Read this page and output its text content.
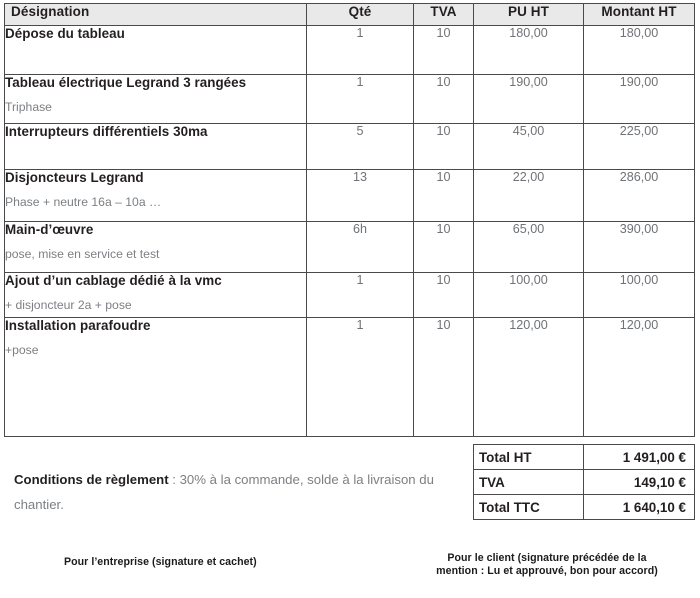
Désignation	Qté	TVA	PU HT	Montant HT

Dépose du tableau	1	10	180,00	180,00

Tableau électrique Legrand 3 rangées
Triphase	1	10	190,00	190,00

Interrupteurs différentiels 30ma	5	10	45,00	225,00

Disjoncteurs Legrand
Phase + neutre 16a – 10a …	13	10	22,00	286,00

Main-d’œuvre
pose, mise en service et test	6h	10	65,00	390,00

Ajout d’un cablage dédié à la vmc
+ disjoncteur 2a + pose	1	10	100,00	100,00

Installation parafoudre
+pose	1	10	120,00	120,00
Total HT	1 491,00 €
TVA	149,10 €
Total TTC	1 640,10 €
Conditions de règlement : 30% à la commande, solde à la livraison du chantier.
Pour l’entreprise (signature et cachet)	Pour le client (signature précédée de la
mention : Lu et approuvé, bon pour accord)
